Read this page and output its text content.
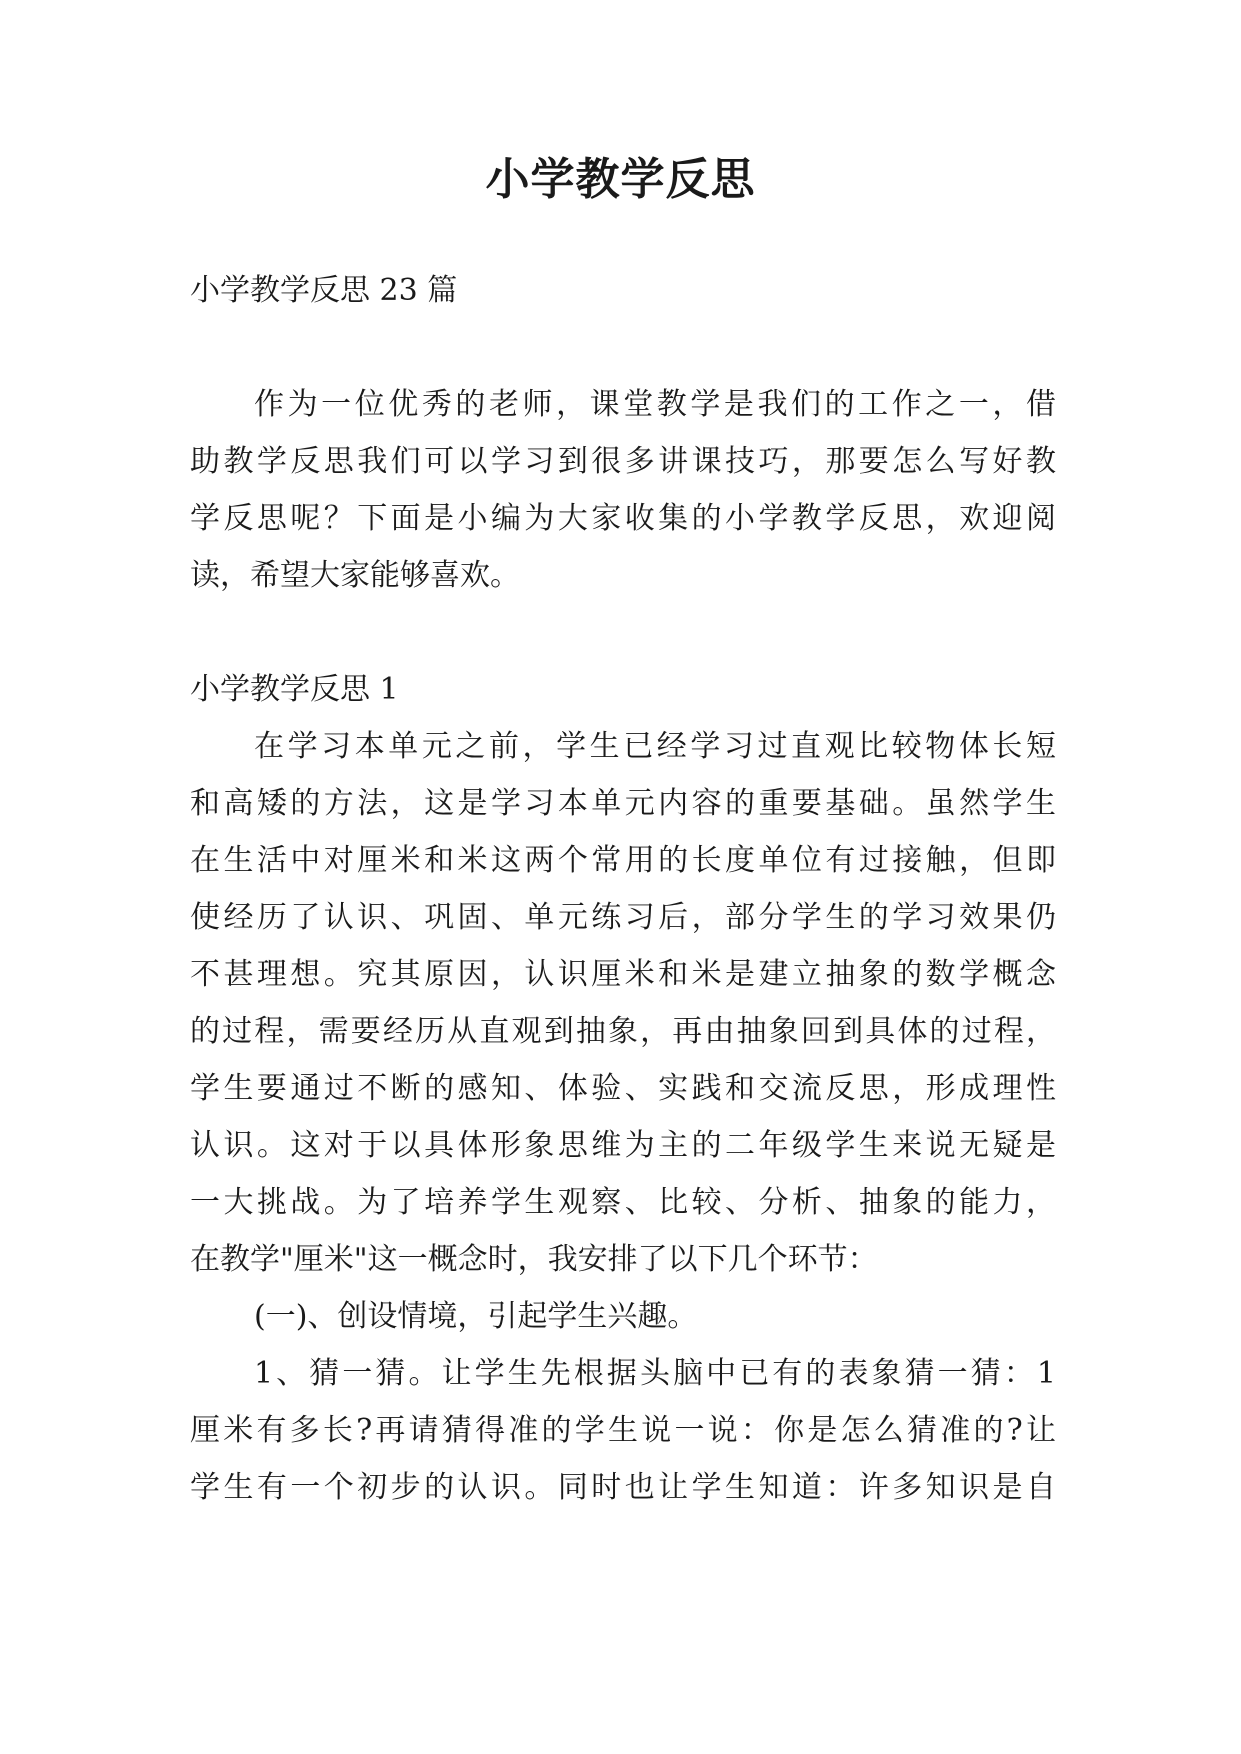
小学教学反思

小学教学反思 23 篇

作为一位优秀的老师，课堂教学是我们的工作之一，借

助教学反思我们可以学习到很多讲课技巧，那要怎么写好教

学反思呢？下面是小编为大家收集的小学教学反思，欢迎阅

读，希望大家能够喜欢。

小学教学反思 1

在学习本单元之前，学生已经学习过直观比较物体长短

和高矮的方法，这是学习本单元内容的重要基础。虽然学生

在生活中对厘米和米这两个常用的长度单位有过接触，但即

使经历了认识、巩固、单元练习后，部分学生的学习效果仍

不甚理想。究其原因，认识厘米和米是建立抽象的数学概念

的过程，需要经历从直观到抽象，再由抽象回到具体的过程，

学生要通过不断的感知、体验、实践和交流反思，形成理性

认识。这对于以具体形象思维为主的二年级学生来说无疑是

一大挑战。为了培养学生观察、比较、分析、抽象的能力，

在教学"厘米"这一概念时，我安排了以下几个环节：

(一)、创设情境，引起学生兴趣。

1、猜一猜。让学生先根据头脑中已有的表象猜一猜：1

厘米有多长?再请猜得准的学生说一说：你是怎么猜准的?让

学生有一个初步的认识。同时也让学生知道：许多知识是自
